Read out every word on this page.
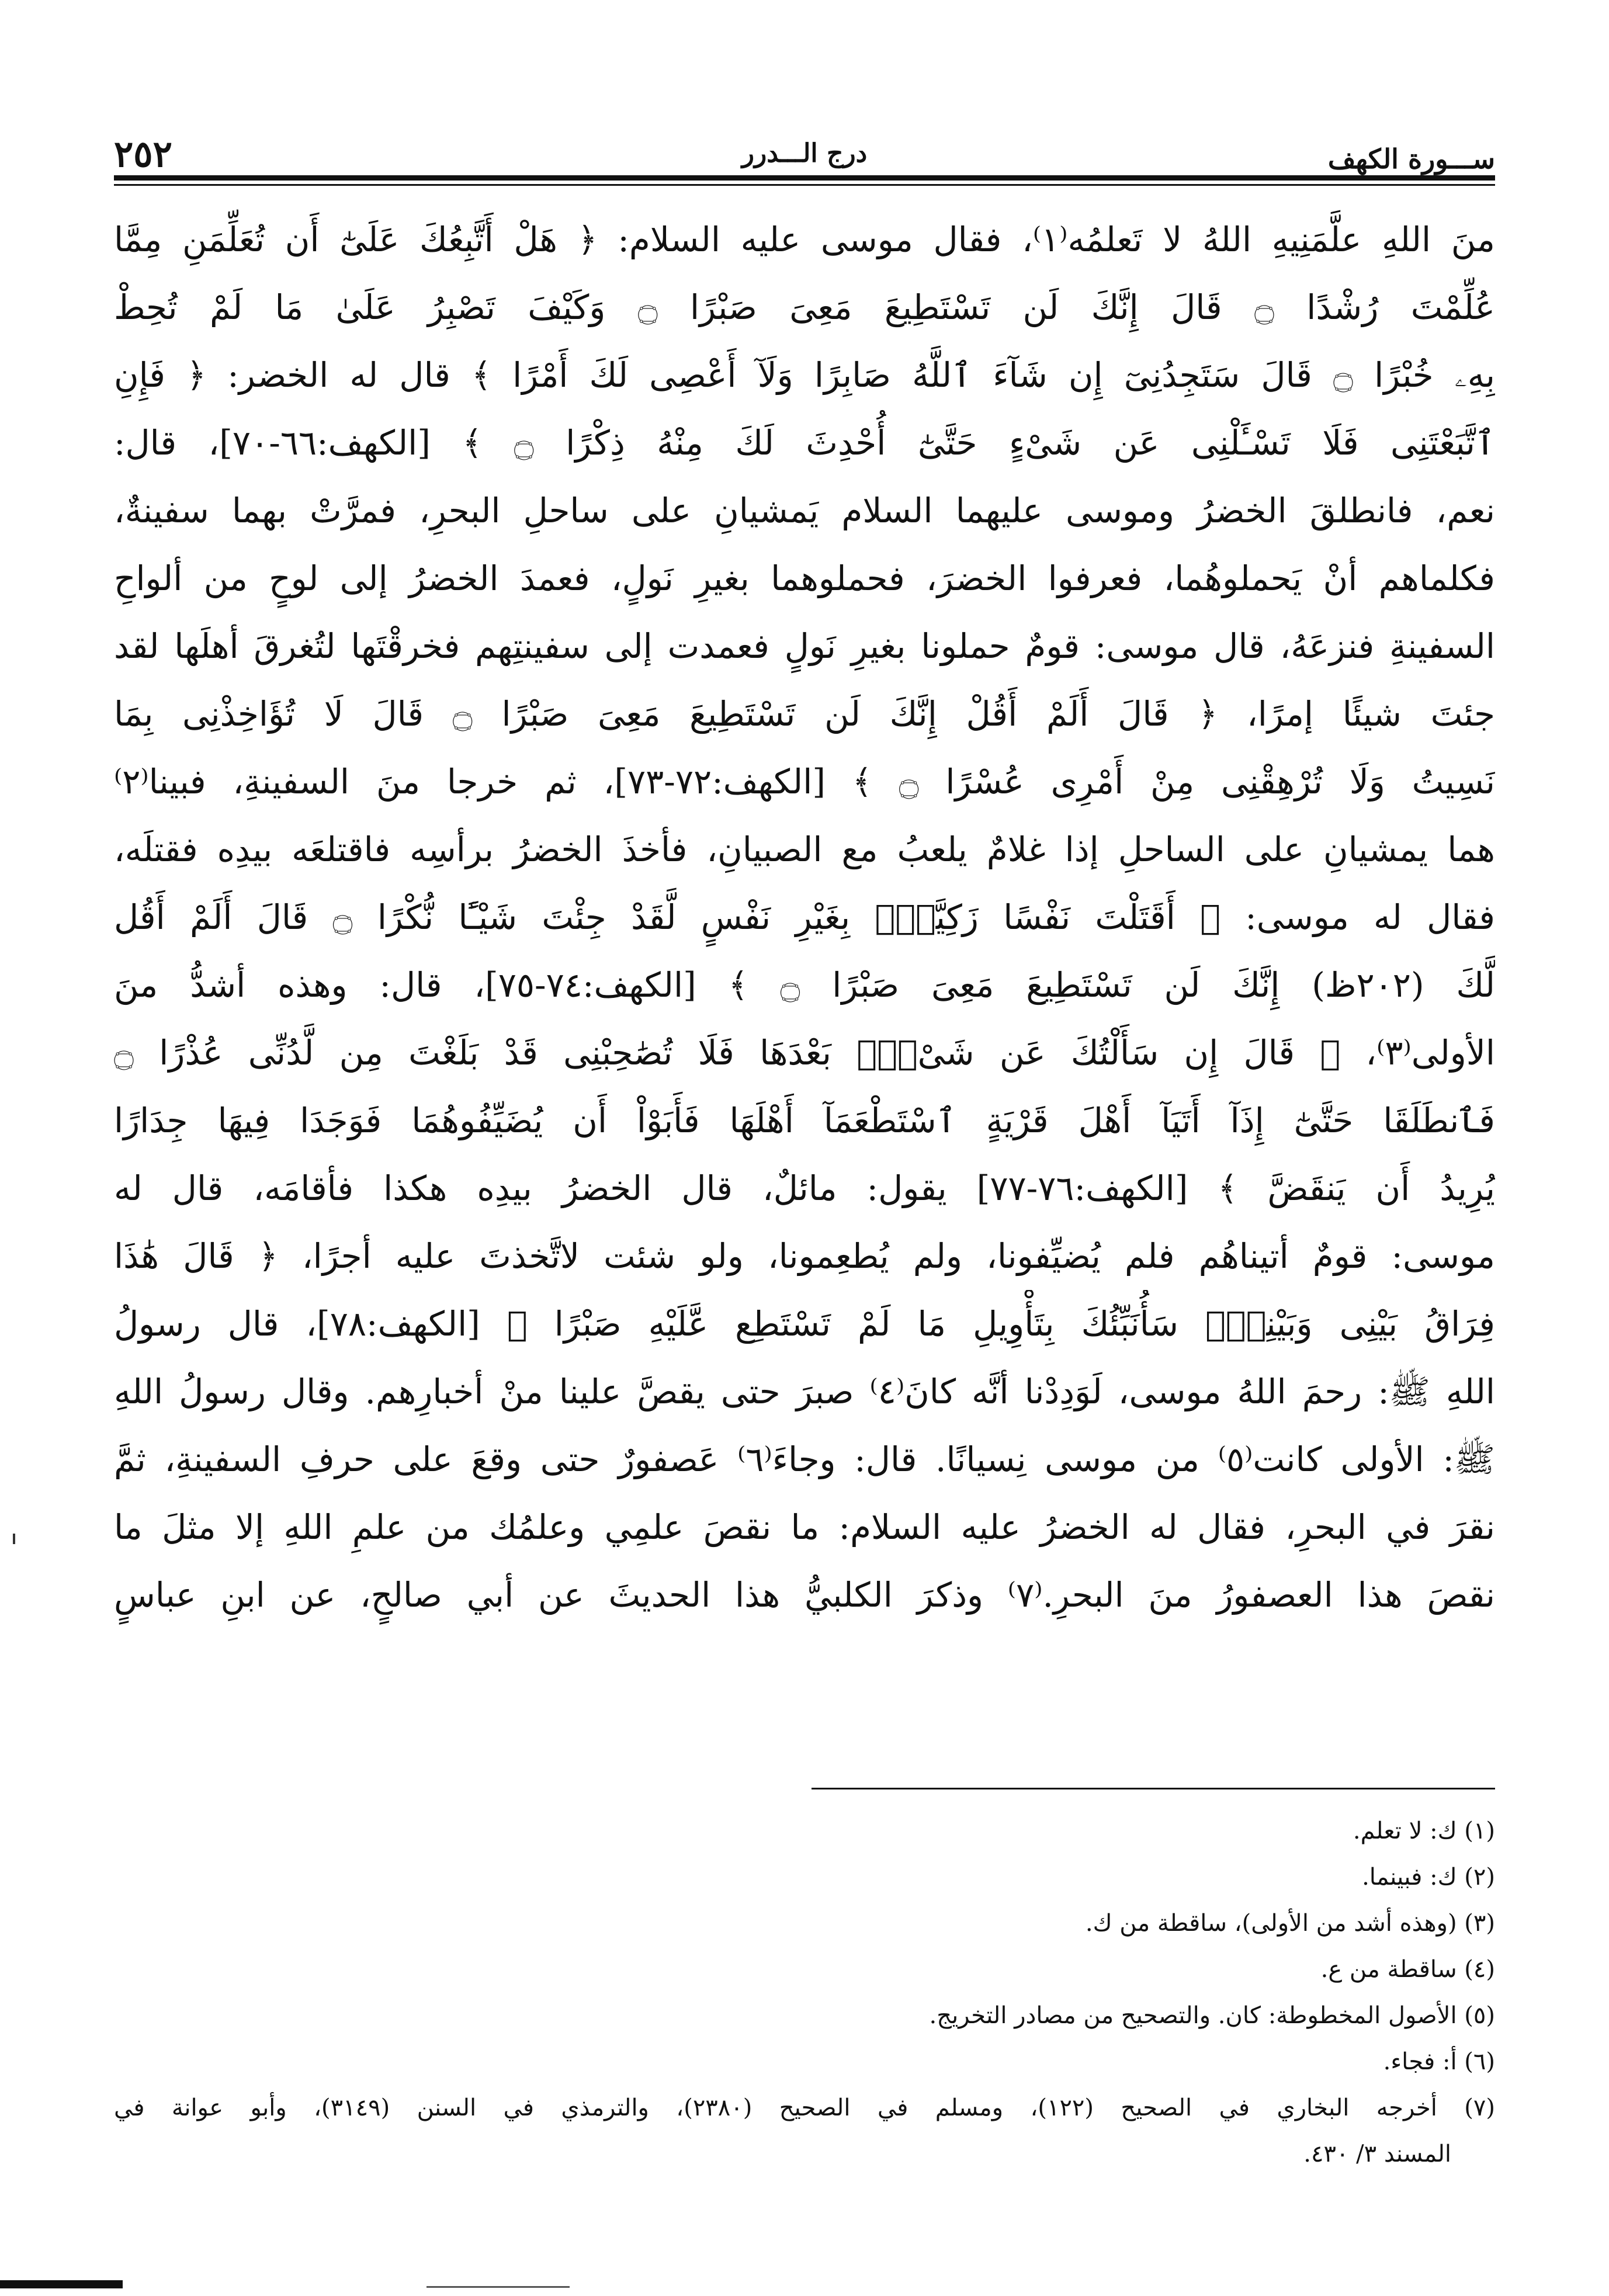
ســـورة الكهف
درج الـــدرر
٢٥٢
منَ اللهِ علَّمَنِيهِ اللهُ لا تَعلمُه⁽١⁾، فقال موسى عليه السلام: ﴿ هَلْ أَتَّبِعُكَ عَلَىٰٓ أَن تُعَلِّمَنِ مِمَّا
عُلِّمْتَ رُشْدًا ۝ قَالَ إِنَّكَ لَن تَسْتَطِيعَ مَعِىَ صَبْرًا ۝ وَكَيْفَ تَصْبِرُ عَلَىٰ مَا لَمْ تُحِطْ
بِهِۦ خُبْرًا ۝ قَالَ سَتَجِدُنِىٓ إِن شَآءَ ٱللَّهُ صَابِرًا وَلَآ أَعْصِى لَكَ أَمْرًا ﴾ قال له الخضر: ﴿ فَإِنِ
ٱتَّبَعْتَنِى فَلَا تَسْـَٔلْنِى عَن شَىْءٍ حَتَّىٰٓ أُحْدِثَ لَكَ مِنْهُ ذِكْرًا ۝ ﴾ [الكهف:٦٦-٧٠]، قال:
نعم، فانطلقَ الخضرُ وموسى عليهما السلام يَمشيانِ على ساحلِ البحرِ، فمرَّتْ بهما سفينةٌ،
فكلماهم أنْ يَحملوهُما، فعرفوا الخضرَ، فحملوهما بغيرِ نَولٍ، فعمدَ الخضرُ إلى لوحٍ من ألواحِ
السفينةِ فنزعَهُ، قال موسى: قومٌ حملونا بغيرِ نَولٍ فعمدت إلى سفينتِهم فخرقْتَها لتُغرقَ أهلَها لقد
جئتَ شيئًا إمرًا، ﴿ قَالَ أَلَمْ أَقُلْ إِنَّكَ لَن تَسْتَطِيعَ مَعِىَ صَبْرًا ۝ قَالَ لَا تُؤَاخِذْنِى بِمَا
نَسِيتُ وَلَا تُرْهِقْنِى مِنْ أَمْرِى عُسْرًا ۝ ﴾ [الكهف:٧٢-٧٣]، ثم خرجا منَ السفينةِ، فبينا⁽٢⁾
هما يمشيانِ على الساحلِ إذا غلامٌ يلعبُ مع الصبيانِ، فأخذَ الخضرُ برأسِه فاقتلعَه بيدِه فقتلَه،
فقال له موسى: ﴿ أَقَتَلْتَ نَفْسًا زَكِيَّةًۢ بِغَيْرِ نَفْسٍ لَّقَدْ جِئْتَ شَيْـًٔا نُّكْرًا ۝ قَالَ أَلَمْ أَقُل
لَّكَ (٢٠٢ظ) إِنَّكَ لَن تَسْتَطِيعَ مَعِىَ صَبْرًا ۝ ﴾ [الكهف:٧٤-٧٥]، قال: وهذه أشدُّ منَ
الأولى⁽٣⁾، ﴿ قَالَ إِن سَأَلْتُكَ عَن شَىْءٍۭ بَعْدَهَا فَلَا تُصَٰحِبْنِى قَدْ بَلَغْتَ مِن لَّدُنِّى عُذْرًا ۝
فَٱنطَلَقَا حَتَّىٰٓ إِذَآ أَتَيَآ أَهْلَ قَرْيَةٍ ٱسْتَطْعَمَآ أَهْلَهَا فَأَبَوْاْ أَن يُضَيِّفُوهُمَا فَوَجَدَا فِيهَا جِدَارًا
يُرِيدُ أَن يَنقَضَّ ﴾ [الكهف:٧٦-٧٧] يقول: مائلٌ، قال الخضرُ بيدِه هكذا فأقامَه، قال له
موسى: قومٌ أتيناهُم فلم يُضيِّفونا، ولم يُطعِمونا، ولو شئت لاتَّخذتَ عليه أجرًا، ﴿ قَالَ هَٰذَا
فِرَاقُ بَيْنِى وَبَيْنِكَۚ سَأُنَبِّئُكَ بِتَأْوِيلِ مَا لَمْ تَسْتَطِع عَّلَيْهِ صَبْرًا ﴾ [الكهف:٧٨]، قال رسولُ
اللهِ ﷺ: رحمَ اللهُ موسى، لَوَدِدْنا أنَّه كانَ⁽٤⁾ صبرَ حتى يقصَّ علينا منْ أخبارِهم. وقال رسولُ اللهِ
ﷺ: الأولى كانت⁽٥⁾ من موسى نِسيانًا. قال: وجاءَ⁽٦⁾ عَصفورٌ حتى وقعَ على حرفِ السفينةِ، ثمَّ
نقرَ في البحرِ، فقال له الخضرُ عليه السلام: ما نقصَ علمِي وعلمُك من علمِ اللهِ إلا مثلَ ما
نقصَ هذا العصفورُ منَ البحرِ.⁽٧⁾ وذكرَ الكلبيُّ هذا الحديثَ عن أبي صالحٍ، عن ابنِ عباسٍ
(١) ك: لا تعلم.
(٢) ك: فبينما.
(٣) (وهذه أشد من الأولى)، ساقطة من ك.
(٤) ساقطة من ع.
(٥) الأصول المخطوطة: كان. والتصحيح من مصادر التخريج.
(٦) أ: فجاء.
(٧) أخرجه البخاري في الصحيح (١٢٢)، ومسلم في الصحيح (٢٣٨٠)، والترمذي في السنن (٣١٤٩)، وأبو عوانة في
المسند ٣/ ٤٣٠.
